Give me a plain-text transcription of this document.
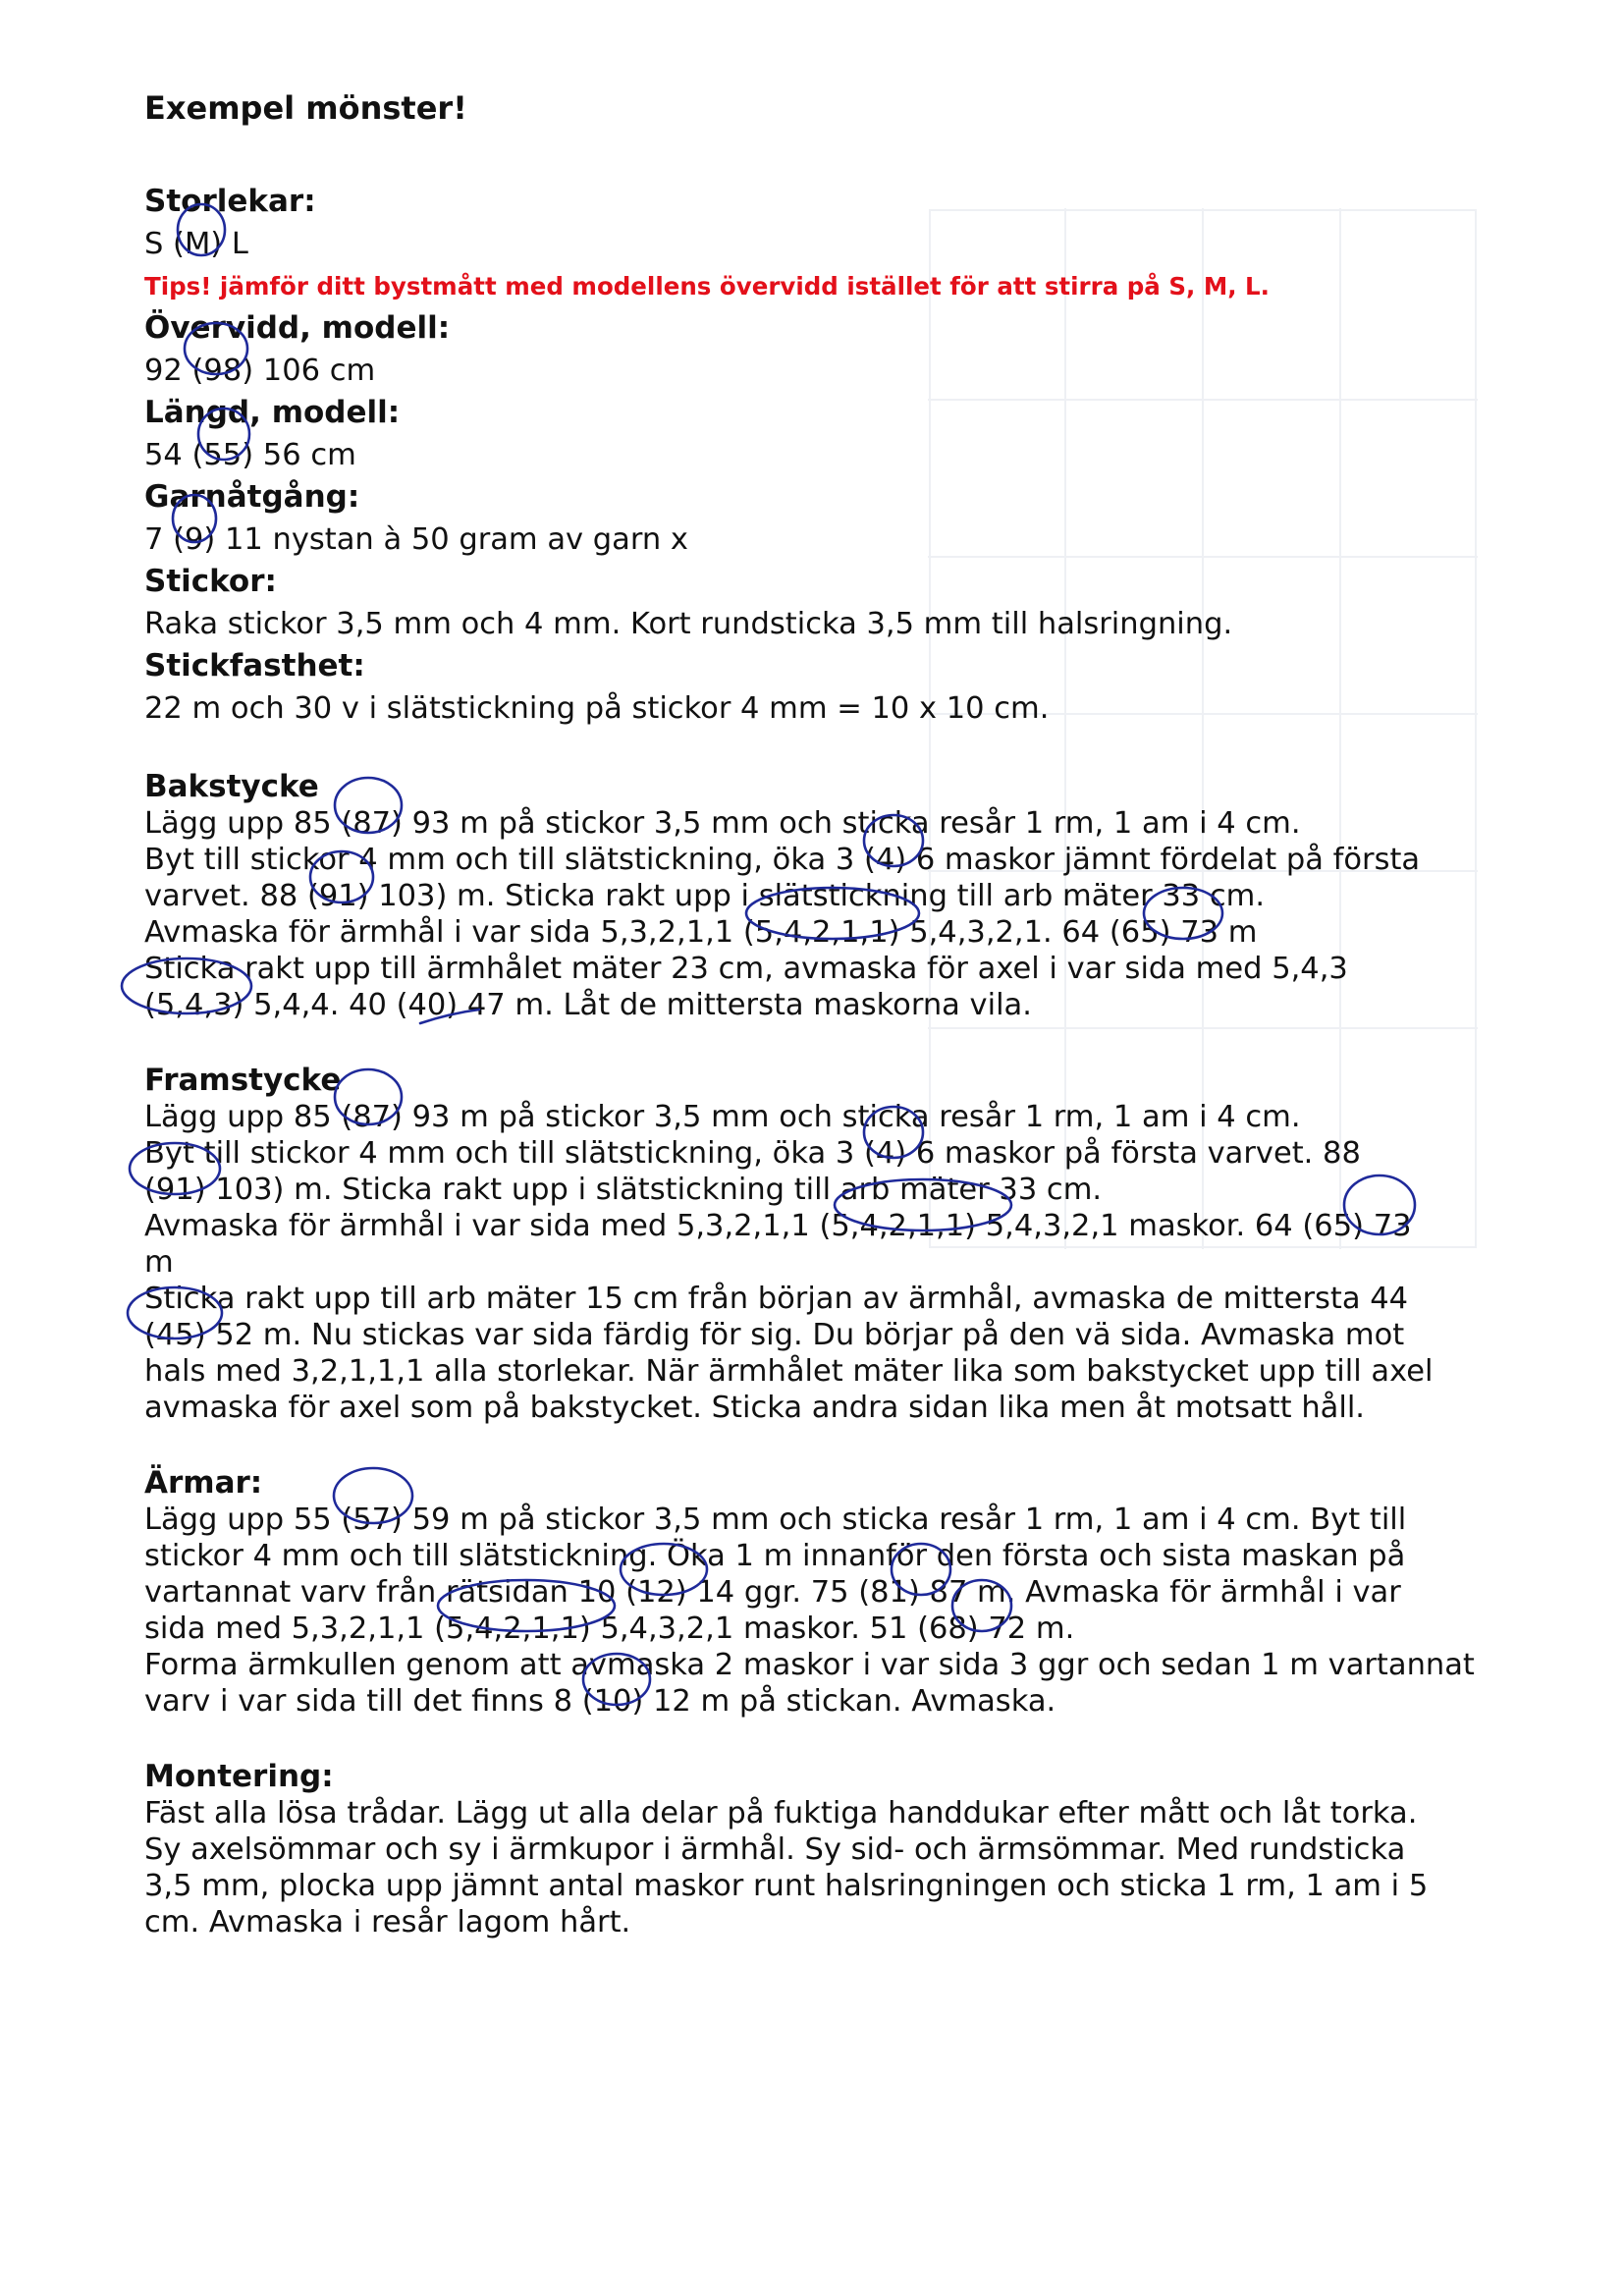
Exempel mönster!

Storlekar:

S (M) L

Tips! jämför ditt bystmått med modellens övervidd istället för att stirra på S, M, L.

Övervidd, modell:

92 (98) 106 cm

Längd, modell:

54 (55) 56 cm

Garnåtgång:

7 (9) 11 nystan à 50 gram av garn x

Stickor:

Raka stickor 3,5 mm och 4 mm. Kort rundsticka 3,5 mm till halsringning.

Stickfasthet:

22 m och 30 v i slätstickning på stickor 4 mm = 10 x 10 cm.

Bakstycke

Lägg upp 85 (87) 93 m på stickor 3,5 mm och sticka resår 1 rm, 1 am i 4 cm.

Byt till stickor 4 mm och till slätstickning, öka 3 (4) 6 maskor jämnt fördelat på första

varvet. 88 (91) 103) m. Sticka rakt upp i slätstickning till arb mäter 33 cm.

Avmaska för ärmhål i var sida 5,3,2,1,1 (5,4,2,1,1) 5,4,3,2,1. 64 (65) 73 m

Sticka rakt upp till ärmhålet mäter 23 cm, avmaska för axel i var sida med 5,4,3

(5,4,3) 5,4,4. 40 (40) 47 m. Låt de mittersta maskorna vila.

Framstycke

Lägg upp 85 (87) 93 m på stickor 3,5 mm och sticka resår 1 rm, 1 am i 4 cm.

Byt till stickor 4 mm och till slätstickning, öka 3 (4) 6 maskor på första varvet. 88

(91) 103) m. Sticka rakt upp i slätstickning till arb mäter 33 cm.

Avmaska för ärmhål i var sida med 5,3,2,1,1 (5,4,2,1,1) 5,4,3,2,1 maskor. 64 (65) 73

m

Sticka rakt upp till arb mäter 15 cm från början av ärmhål, avmaska de mittersta 44

(45) 52 m. Nu stickas var sida färdig för sig. Du börjar på den vä sida. Avmaska mot

hals med 3,2,1,1,1 alla storlekar. När ärmhålet mäter lika som bakstycket upp till axel

avmaska för axel som på bakstycket. Sticka andra sidan lika men åt motsatt håll.

Ärmar:

Lägg upp 55 (57) 59 m på stickor 3,5 mm och sticka resår 1 rm, 1 am i 4 cm. Byt till

stickor 4 mm och till slätstickning. Öka 1 m innanför den första och sista maskan på

vartannat varv från rätsidan 10 (12) 14 ggr. 75 (81) 87 m. Avmaska för ärmhål i var

sida med 5,3,2,1,1 (5,4,2,1,1) 5,4,3,2,1 maskor. 51 (68) 72 m.

Forma ärmkullen genom att avmaska 2 maskor i var sida 3 ggr och sedan 1 m vartannat

varv i var sida till det finns 8 (10) 12 m på stickan. Avmaska.

Montering:

Fäst alla lösa trådar. Lägg ut alla delar på fuktiga handdukar efter mått och låt torka.

Sy axelsömmar och sy i ärmkupor i ärmhål. Sy sid- och ärmsömmar. Med rundsticka

3,5 mm, plocka upp jämnt antal maskor runt halsringningen och sticka 1 rm, 1 am i 5

cm. Avmaska i resår lagom hårt.
